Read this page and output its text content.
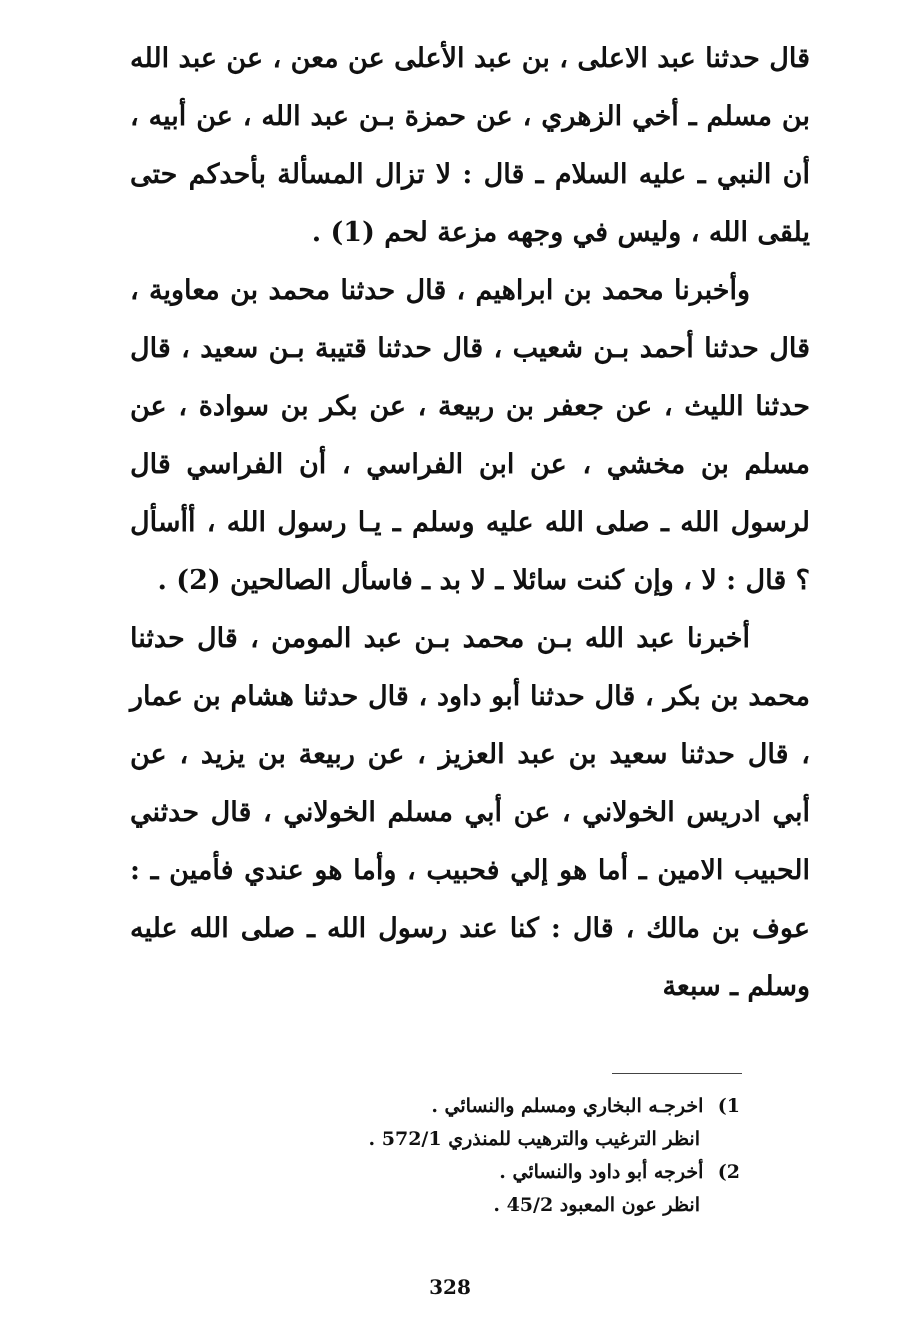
قال حدثنا عبد الاعلى ، بن عبد الأعلى عن معن ، عن عبد الله بن مسلم ـ أخي الزهري ، عن حمزة بـن عبد الله ، عن أبيه ، أن النبي ـ عليه السلام ـ قال : لا تزال المسألة بأحدكم حتى يلقى الله ، وليس في وجهه مزعة لحم (1) .

وأخبرنا محمد بن ابراهيم ، قال حدثنا محمد بن معاوية ، قال حدثنا أحمد بـن شعيب ، قال حدثنا قتيبة بـن سعيد ، قال حدثنا الليث ، عن جعفر بن ربيعة ، عن بكر بن سوادة ، عن مسلم بن مخشي ، عن ابن الفراسي ، أن الفراسي قال لرسول الله ـ صلى الله عليه وسلم ـ يـا رسول الله ، أأسأل ؟ قال : لا ، وإن كنت سائلا ـ لا بد ـ فاسأل الصالحين (2) .

أخبرنا عبد الله بـن محمد بـن عبد المومن ، قال حدثنا محمد بن بكر ، قال حدثنا أبو داود ، قال حدثنا هشام بن عمار ، قال حدثنا سعيد بن عبد العزيز ، عن ربيعة بن يزيد ، عن أبي ادريس الخولاني ، عن أبي مسلم الخولاني ، قال حدثني الحبيب الامين ـ أما هو إلي فحبيب ، وأما هو عندي فأمين ـ : عوف بن مالك ، قال : كنا عند رسول الله ـ صلى الله عليه وسلم ـ سبعة

1) اخرجـه البخاري ومسلم والنسائي .
انظر الترغيب والترهيب للمنذري 572/1 .
2) أخرجه أبو داود والنسائي .
انظر عون المعبود 45/2 .
328
